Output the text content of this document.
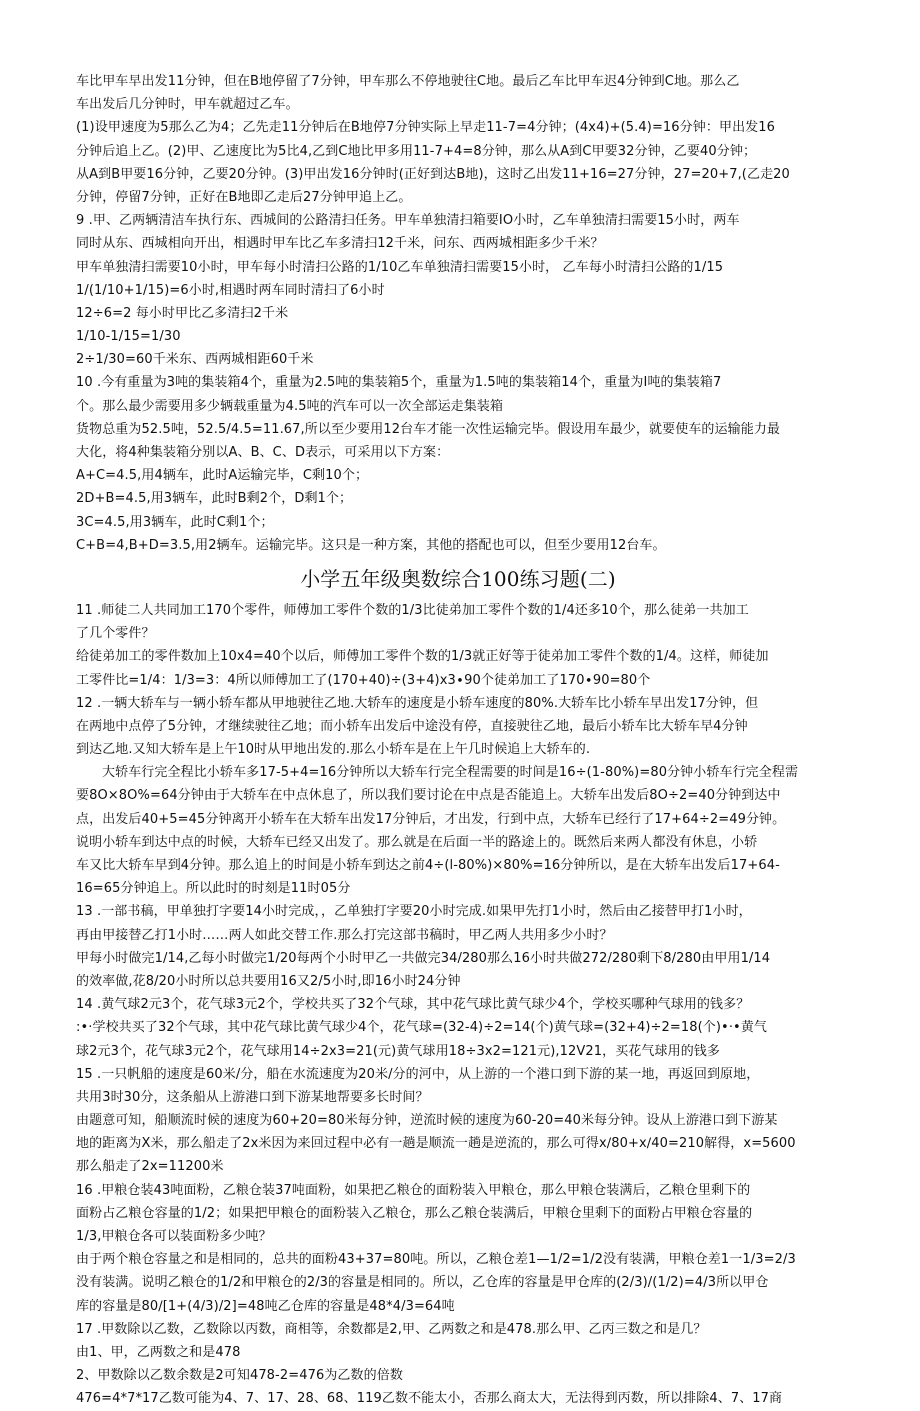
车比甲车早出发11分钟，但在B地停留了7分钟，甲车那么不停地驶往C地。最后乙车比甲车迟4分钟到C地。那么乙
车出发后几分钟时，甲车就超过乙车。
(1)设甲速度为5那么乙为4；乙先走11分钟后在B地停7分钟实际上早走11-7=4分钟；(4x4)+(5.4)=16分钟：甲出发16
分钟后追上乙。(2)甲、乙速度比为5比4,乙到C地比甲多用11-7+4=8分钟，那么从A到C甲要32分钟，乙要40分钟；
从A到B甲要16分钟，乙要20分钟。(3)甲出发16分钟时(正好到达B地)，这时乙出发11+16=27分钟，27=20+7,(乙走20
分钟，停留7分钟，正好在B地即乙走后27分钟甲追上乙。
9 .甲、乙两辆清洁车执行东、西城间的公路清扫任务。甲车单独清扫箱要IO小时，乙车单独清扫需要15小时，两车
同时从东、西城相向开出，相遇时甲车比乙车多清扫12千米，问东、西两城相距多少千米？
甲车单独清扫需要10小时，甲车每小时清扫公路的1/10乙车单独清扫需要15小时， 乙车每小时清扫公路的1/15
1/(1/10+1/15)=6小时,相遇时两车同时清扫了6小时
12÷6=2 每小时甲比乙多清扫2千米
1/10-1/15=1/30
2÷1∕30=60千米东、西两城相距60千米
10 .今有重量为3吨的集装箱4个，重量为2.5吨的集装箱5个，重量为1.5吨的集装箱14个，重量为I吨的集装箱7
个。那么最少需要用多少辆载重量为4.5吨的汽车可以一次全部运走集装箱
货物总重为52.5吨，52.5/4.5=11.67,所以至少要用12台车才能一次性运输完毕。假设用车最少，就要使车的运输能力最
大化，将4种集装箱分别以A、B、C、D表示，可采用以下方案：
A+C=4.5,用4辆车，此时A运输完毕，C剩10个；
2D+B=4.5,用3辆车，此时B剩2个，D剩1个；
3C=4.5,用3辆车，此时C剩1个；
C+B=4,B+D=3.5,用2辆车。运输完毕。这只是一种方案，其他的搭配也可以，但至少要用12台车。
小学五年级奥数综合100练习题(二)
11 .师徒二人共同加工170个零件，师傅加工零件个数的1/3比徒弟加工零件个数的1/4还多10个，那么徒弟一共加工
了几个零件？
给徒弟加工的零件数加上10x4=40个以后，师傅加工零件个数的1/3就正好等于徒弟加工零件个数的1/4。这样，师徒加
工零件比=1/4：1/3=3：4所以师傅加工了(170+40)÷(3+4)x3∙90个徒弟加工了170∙90=80个
12 .一辆大轿车与一辆小轿车都从甲地驶往乙地.大轿车的速度是小轿车速度的80%.大轿车比小轿车早出发17分钟，但
在两地中点停了5分钟，才继续驶往乙地；而小轿车出发后中途没有停，直接驶往乙地，最后小轿车比大轿车早4分钟
到达乙地.又知大轿车是上午10时从甲地出发的.那么小轿车是在上午几时候追上大轿车的.
大轿车行完全程比小轿车多17-5+4=16分钟所以大轿车行完全程需要的时间是16÷(1-80%)=80分钟小轿车行完全程需
要8O×8O%=64分钟由于大轿车在中点休息了，所以我们要讨论在中点是否能追上。大轿车出发后8O÷2=40分钟到达中
点，出发后40+5=45分钟离开小轿车在大轿车出发17分钟后，才出发，行到中点，大轿车已经行了17+64÷2=49分钟。
说明小轿车到达中点的时候，大轿车已经又出发了。那么就是在后面一半的路途上的。既然后来两人都没有休息，小轿
车又比大轿车早到4分钟。那么追上的时间是小轿车到达之前4÷(l-80%)×80%=16分钟所以，是在大轿车出发后17+64-
16=65分钟追上。所以此时的时刻是11时05分
13 .一部书稿，甲单独打字要14小时完成，，乙单独打字要20小时完成.如果甲先打1小时，然后由乙接替甲打1小时，
再由甲接替乙打1小时……两人如此交替工作.那么打完这部书稿时，甲乙两人共用多少小时？
甲每小时做完1/14,乙每小时做完1/20每两个小时甲乙一共做完34/280那么16小时共做272/280剩下8/280由甲用1/14
的效率做,花8/20小时所以总共要用16又2/5小时,即16小时24分钟
14 .黄气球2元3个，花气球3元2个，学校共买了32个气球，其中花气球比黄气球少4个，学校买哪种气球用的钱多？
:•·学校共买了32个气球，其中花气球比黄气球少4个，花气球=(32-4)÷2=14(个)黄气球=(32+4)÷2=18(个)•·•黄气
球2元3个，花气球3元2个，花气球用14÷2x3=21(元)黄气球用18÷3x2=121元),12V21，买花气球用的钱多
15 .一只帆船的速度是60米/分，船在水流速度为20米/分的河中，从上游的一个港口到下游的某一地，再返回到原地，
共用3时30分，这条船从上游港口到下游某地帮要多长时间？
由题意可知，船顺流时候的速度为60+20=80米每分钟，逆流时候的速度为60-20=40米每分钟。设从上游港口到下游某
地的距离为X米，那么船走了2x米因为来回过程中必有一趟是顺流一趟是逆流的，那么可得x∕80+x∕40=210解得，x=5600
那么船走了2x=11200米
16 .甲粮仓装43吨面粉，乙粮仓装37吨面粉，如果把乙粮仓的面粉装入甲粮仓，那么甲粮仓装满后，乙粮仓里剩下的
面粉占乙粮仓容量的1/2；如果把甲粮仓的面粉装入乙粮仓，那么乙粮仓装满后，甲粮仓里剩下的面粉占甲粮仓容量的
1/3,甲粮仓各可以装面粉多少吨？
由于两个粮仓容量之和是相同的，总共的面粉43+37=80吨。所以，乙粮仓差1—1/2=1/2没有装满，甲粮仓差1一1/3=2/3
没有装满。说明乙粮仓的1/2和甲粮仓的2/3的容量是相同的。所以，乙仓库的容量是甲仓库的(2/3)/(1/2)=4/3所以甲仓
库的容量是80∕[1+(4/3)/2]=48吨乙仓库的容量是48*4/3=64吨
17 .甲数除以乙数，乙数除以丙数，商相等，余数都是2,甲、乙两数之和是478.那么甲、乙丙三数之和是几？
由1、甲，乙两数之和是478
2、甲数除以乙数余数是2可知478-2=476为乙数的倍数
476=4*7*17乙数可能为4、7、17、28、68、119乙数不能太小，否那么商太大，无法得到丙数，所以排除4、7、17商
